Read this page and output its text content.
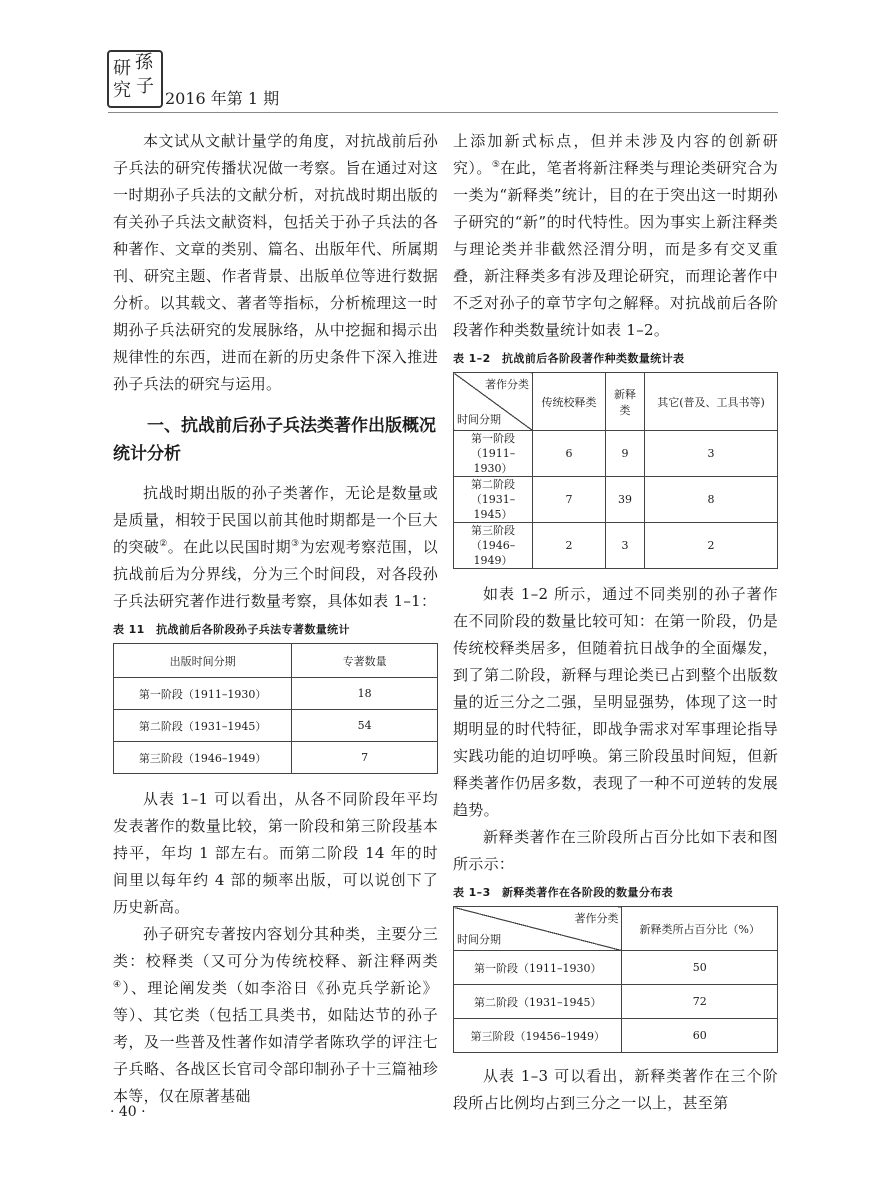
研 孫
究 子
2016 年第 1 期

本文试从文献计量学的角度，对抗战前后孙子兵法的研究传播状况做一考察。旨在通过对这一时期孙子兵法的文献分析，对抗战时期出版的有关孙子兵法文献资料，包括关于孙子兵法的各种著作、文章的类别、篇名、出版年代、所属期刊、研究主题、作者背景、出版单位等进行数据分析。以其载文、著者等指标，分析梳理这一时期孙子兵法研究的发展脉络，从中挖掘和揭示出规律性的东西，进而在新的历史条件下深入推进孙子兵法的研究与运用。

一、抗战前后孙子兵法类著作出版概况统计分析

抗战时期出版的孙子类著作，无论是数量或是质量，相较于民国以前其他时期都是一个巨大的突破②。在此以民国时期③为宏观考察范围，以抗战前后为分界线，分为三个时间段，对各段孙子兵法研究著作进行数量考察，具体如表 1–1：

表 11　抗战前后各阶段孙子兵法专著数量统计
出版时间分期	专著数量
第一阶段（1911–1930）	18
第二阶段（1931–1945）	54
第三阶段（1946–1949）	7

从表 1–1 可以看出，从各不同阶段年平均发表著作的数量比较，第一阶段和第三阶段基本持平，年均 1 部左右。而第二阶段 14 年的时间里以每年约 4 部的频率出版，可以说创下了历史新高。

孙子研究专著按内容划分其种类，主要分三类：校释类（又可分为传统校释、新注释两类④）、理论阐发类（如李浴日《孙克兵学新论》等）、其它类（包括工具类书，如陆达节的孙子考，及一些普及性著作如清学者陈玖学的评注七子兵略、各战区长官司令部印制孙子十三篇袖珍本等，仅在原著基础

上添加新式标点，但并未涉及内容的创新研究）。⑤在此，笔者将新注释类与理论类研究合为一类为“新释类”统计，目的在于突出这一时期孙子研究的“新”的时代特性。因为事实上新注释类与理论类并非截然泾渭分明，而是多有交叉重叠，新注释类多有涉及理论研究，而理论著作中不乏对孙子的章节字句之解释。对抗战前后各阶段著作种类数量统计如表 1–2。

表 1–2　抗战前后各阶段著作种类数量统计表
著作分类
时间分期	传统校释类	新释类	其它(普及、工具书等)
第一阶段
（1911–1930）	6	9	3
第二阶段
（1931–1945）	7	39	8
第三阶段
（1946–1949）	2	3	2

如表 1–2 所示，通过不同类别的孙子著作在不同阶段的数量比较可知：在第一阶段，仍是传统校释类居多，但随着抗日战争的全面爆发，到了第二阶段，新释与理论类已占到整个出版数量的近三分之二强，呈明显强势，体现了这一时期明显的时代特征，即战争需求对军事理论指导实践功能的迫切呼唤。第三阶段虽时间短，但新释类著作仍居多数，表现了一种不可逆转的发展趋势。

新释类著作在三阶段所占百分比如下表和图所示示：

表 1–3　新释类著作在各阶段的数量分布表
著作分类
时间分期	新释类所占百分比（%）
第一阶段（1911–1930）	50
第二阶段（1931–1945）	72
第三阶段（19456–1949）	60

从表 1–3 可以看出，新释类著作在三个阶段所占比例均占到三分之一以上，甚至第

· 40 ·
